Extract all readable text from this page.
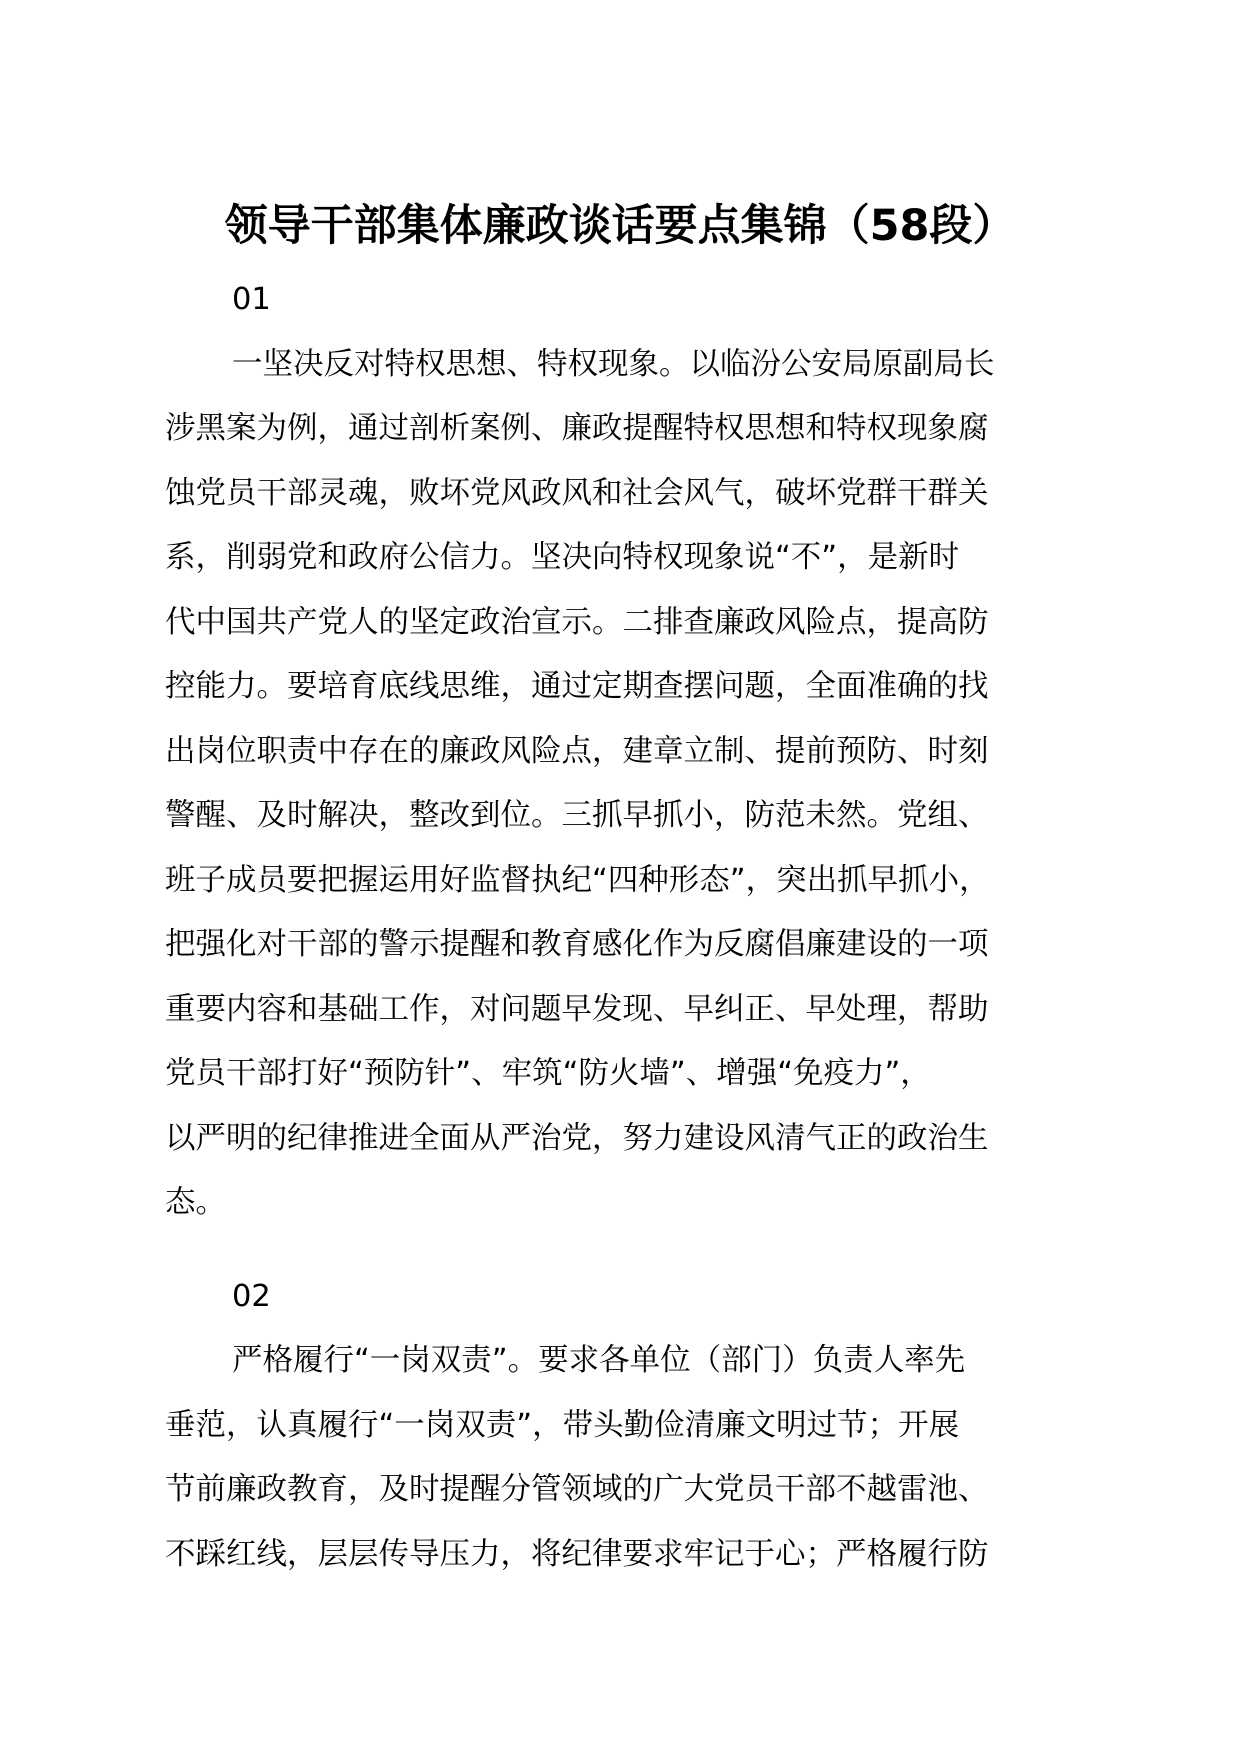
领导干部集体廉政谈话要点集锦（58段）
01
一坚决反对特权思想、特权现象。以临汾公安局原副局长
涉黑案为例，通过剖析案例、廉政提醒特权思想和特权现象腐
蚀党员干部灵魂，败坏党风政风和社会风气，破坏党群干群关
系，削弱党和政府公信力。坚决向特权现象说“不”，是新时
代中国共产党人的坚定政治宣示。二排查廉政风险点，提高防
控能力。要培育底线思维，通过定期查摆问题，全面准确的找
出岗位职责中存在的廉政风险点，建章立制、提前预防、时刻
警醒、及时解决，整改到位。三抓早抓小，防范未然。党组、
班子成员要把握运用好监督执纪“四种形态”，突出抓早抓小，
把强化对干部的警示提醒和教育感化作为反腐倡廉建设的一项
重要内容和基础工作，对问题早发现、早纠正、早处理，帮助
党员干部打好“预防针”、牢筑“防火墙”、增强“免疫力”，
以严明的纪律推进全面从严治党，努力建设风清气正的政治生
态。
02
严格履行“一岗双责”。要求各单位（部门）负责人率先
垂范，认真履行“一岗双责”，带头勤俭清廉文明过节；开展
节前廉政教育，及时提醒分管领域的广大党员干部不越雷池、
不踩红线，层层传导压力，将纪律要求牢记于心；严格履行防
